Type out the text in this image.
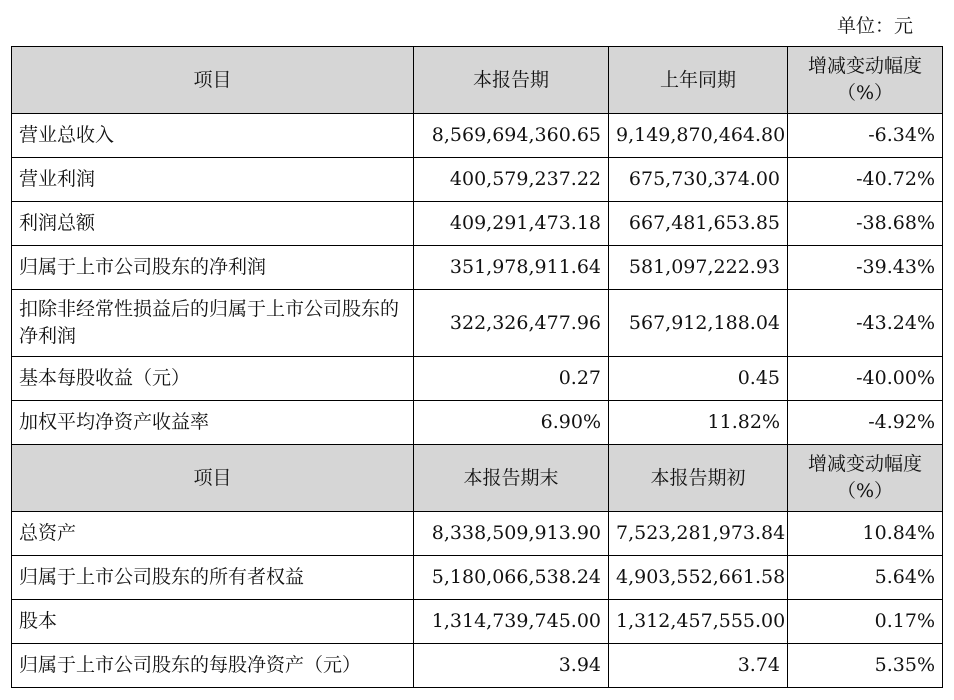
单位：元
项目	本报告期	上年同期	增减变动幅度
（%）
营业总收入	8,569,694,360.65	9,149,870,464.80	-6.34%
营业利润	400,579,237.22	675,730,374.00	-40.72%
利润总额	409,291,473.18	667,481,653.85	-38.68%
归属于上市公司股东的净利润	351,978,911.64	581,097,222.93	-39.43%
扣除非经常性损益后的归属于上市公司股东的净利润	322,326,477.96	567,912,188.04	-43.24%
基本每股收益（元）	0.27	0.45	-40.00%
加权平均净资产收益率	6.90%	11.82%	-4.92%
项目	本报告期末	本报告期初	增减变动幅度
（%）
总资产	8,338,509,913.90	7,523,281,973.84	10.84%
归属于上市公司股东的所有者权益	5,180,066,538.24	4,903,552,661.58	5.64%
股本	1,314,739,745.00	1,312,457,555.00	0.17%
归属于上市公司股东的每股净资产（元）	3.94	3.74	5.35%
